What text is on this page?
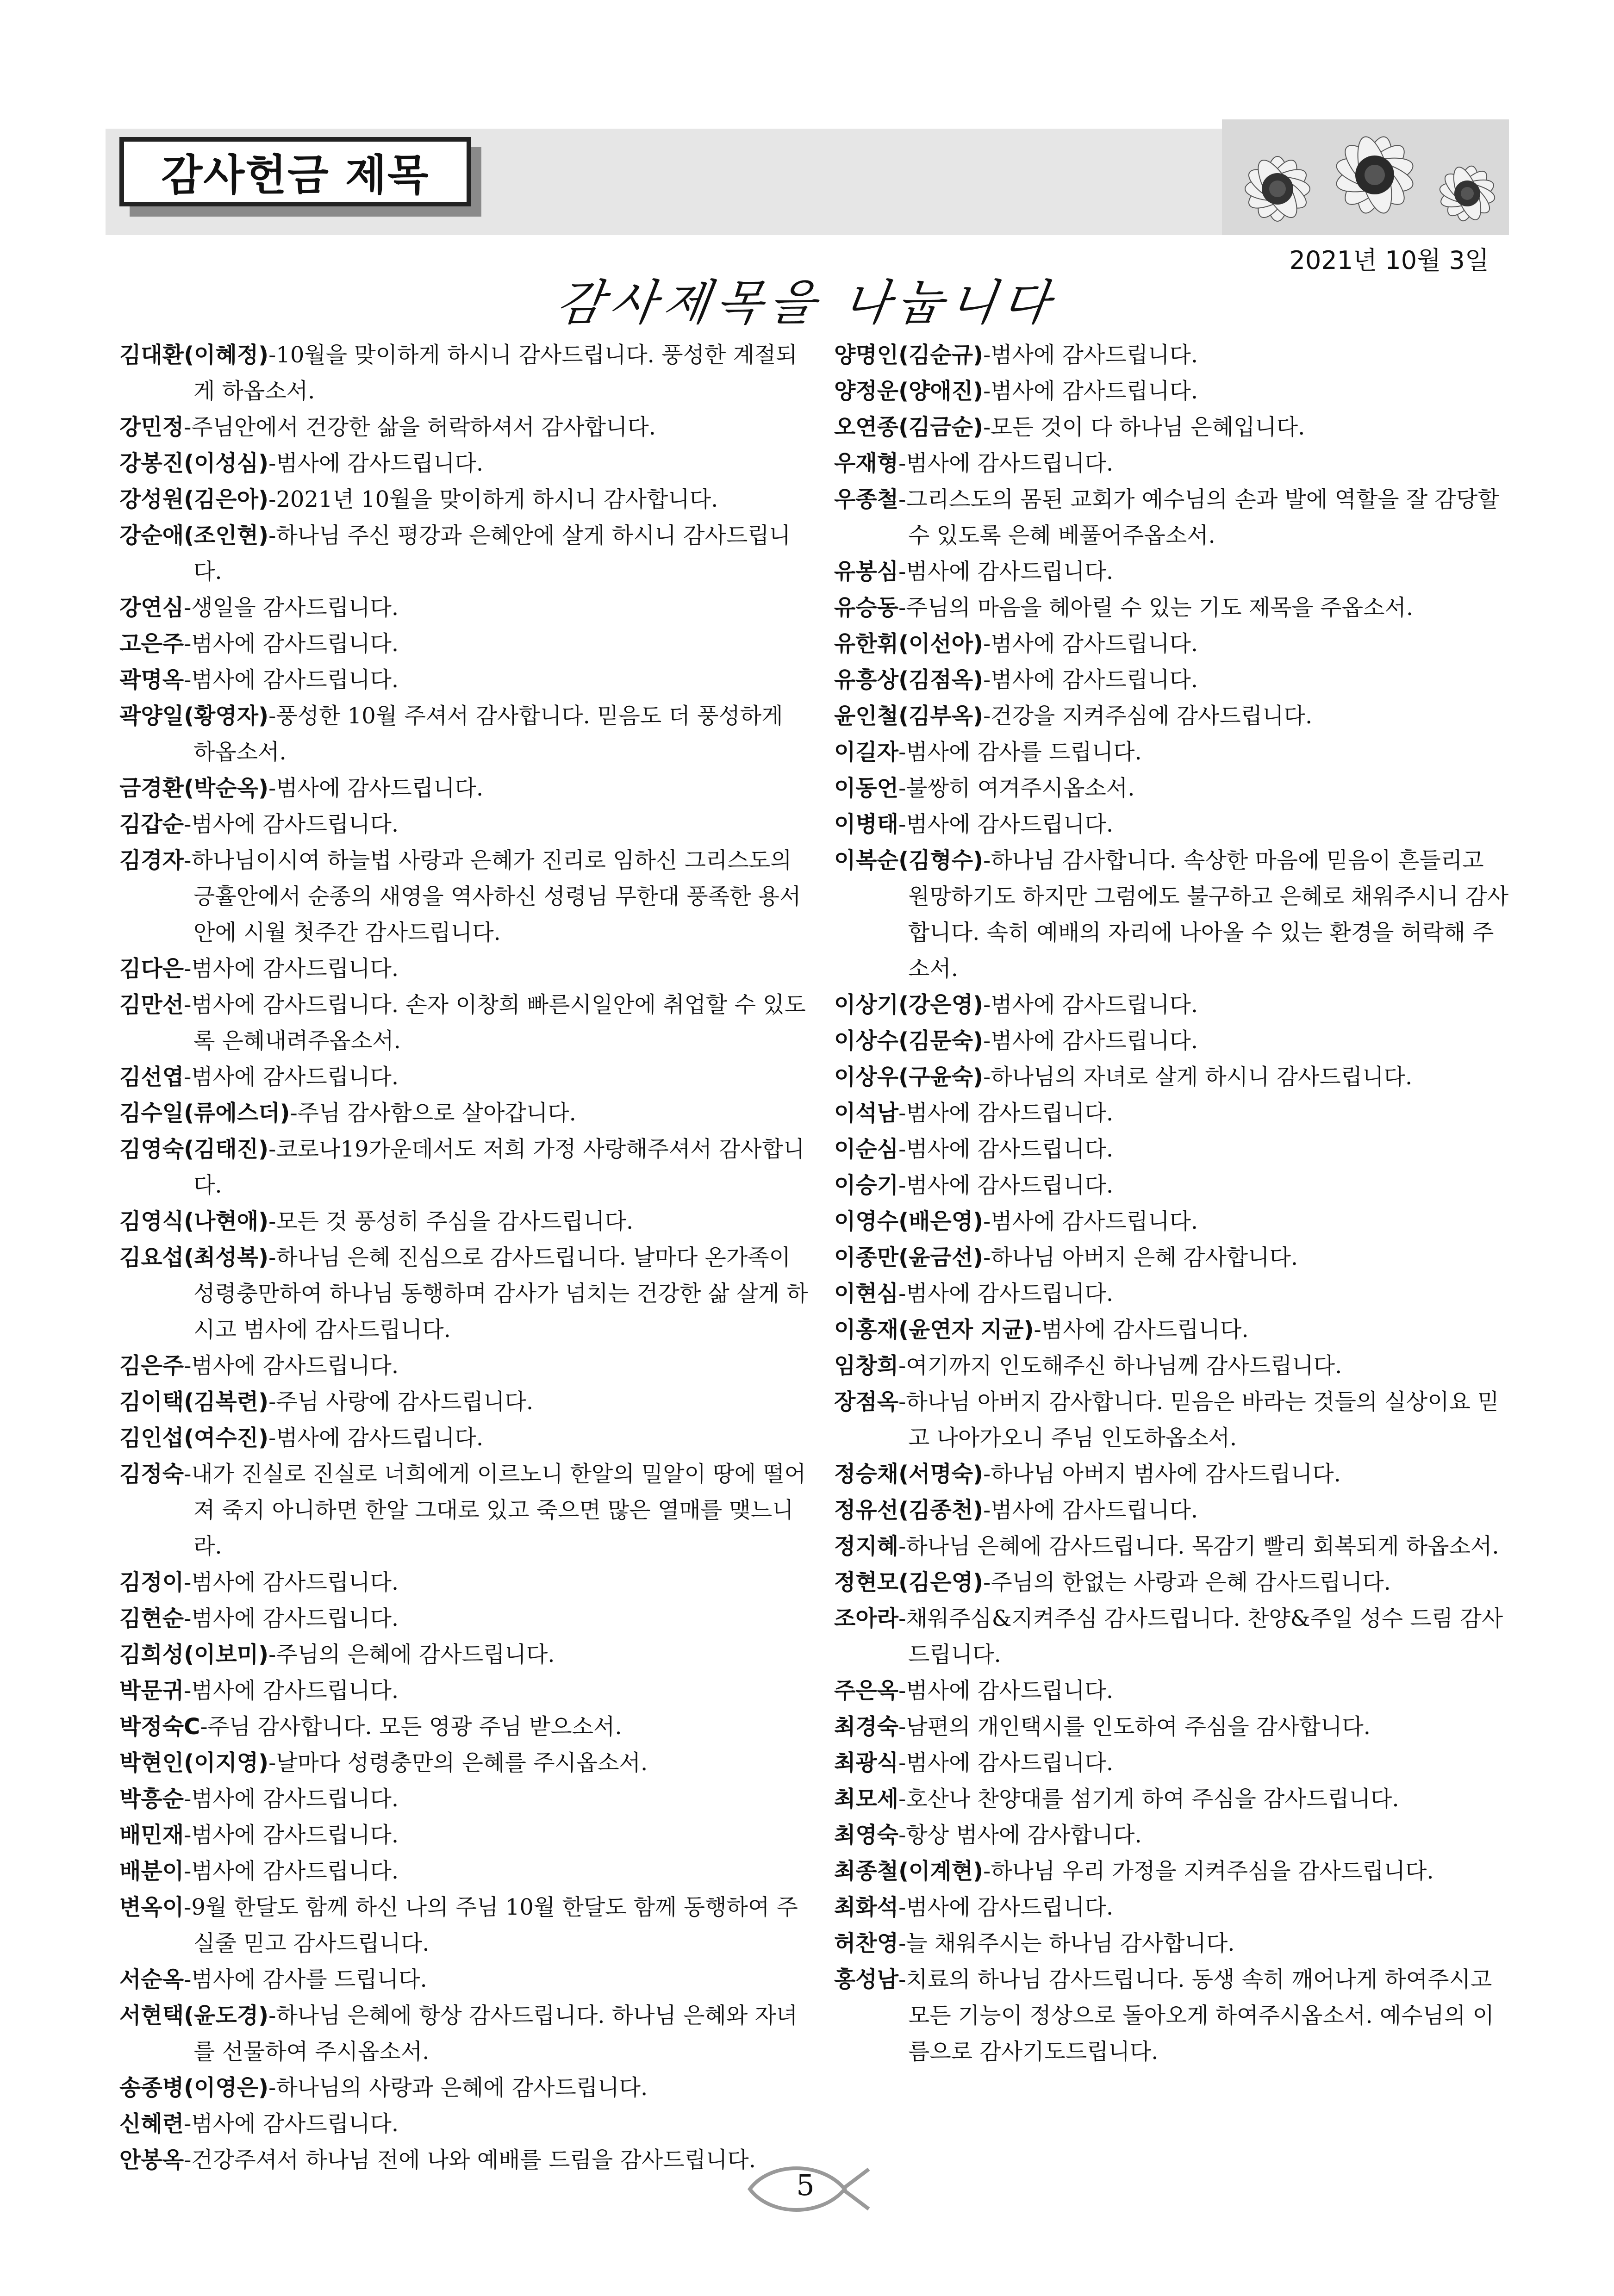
감사헌금 제목
2021년 10월 3일
감사제목을 나눕니다
김대환(이혜정)-10월을 맞이하게 하시니 감사드립니다. 풍성한 계절되게 하옵소서.
강민정-주님안에서 건강한 삶을 허락하셔서 감사합니다.
강봉진(이성심)-범사에 감사드립니다.
강성원(김은아)-2021년 10월을 맞이하게 하시니 감사합니다.
강순애(조인현)-하나님 주신 평강과 은혜안에 살게 하시니 감사드립니다.
강연심-생일을 감사드립니다.
고은주-범사에 감사드립니다.
곽명옥-범사에 감사드립니다.
곽양일(황영자)-풍성한 10월 주셔서 감사합니다. 믿음도 더 풍성하게 하옵소서.
금경환(박순옥)-범사에 감사드립니다.
김갑순-범사에 감사드립니다.
김경자-하나님이시여 하늘법 사랑과 은혜가 진리로 임하신 그리스도의 긍휼안에서 순종의 새영을 역사하신 성령님 무한대 풍족한 용서안에 시월 첫주간 감사드립니다.
김다은-범사에 감사드립니다.
김만선-범사에 감사드립니다. 손자 이창희 빠른시일안에 취업할 수 있도록 은혜내려주옵소서.
김선엽-범사에 감사드립니다.
김수일(류에스더)-주님 감사함으로 살아갑니다.
김영숙(김태진)-코로나19가운데서도 저희 가정 사랑해주셔서 감사합니다.
김영식(나현애)-모든 것 풍성히 주심을 감사드립니다.
김요섭(최성복)-하나님 은혜 진심으로 감사드립니다. 날마다 온가족이 성령충만하여 하나님 동행하며 감사가 넘치는 건강한 삶 살게 하시고 범사에 감사드립니다.
김은주-범사에 감사드립니다.
김이택(김복련)-주님 사랑에 감사드립니다.
김인섭(여수진)-범사에 감사드립니다.
김정숙-내가 진실로 진실로 너희에게 이르노니 한알의 밀알이 땅에 떨어져 죽지 아니하면 한알 그대로 있고 죽으면 많은 열매를 맺느니라.
김정이-범사에 감사드립니다.
김현순-범사에 감사드립니다.
김희성(이보미)-주님의 은혜에 감사드립니다.
박문귀-범사에 감사드립니다.
박정숙C-주님 감사합니다. 모든 영광 주님 받으소서.
박현인(이지영)-날마다 성령충만의 은혜를 주시옵소서.
박흥순-범사에 감사드립니다.
배민재-범사에 감사드립니다.
배분이-범사에 감사드립니다.
변옥이-9월 한달도 함께 하신 나의 주님 10월 한달도 함께 동행하여 주실줄 믿고 감사드립니다.
서순옥-범사에 감사를 드립니다.
서현택(윤도경)-하나님 은혜에 항상 감사드립니다. 하나님 은혜와 자녀를 선물하여 주시옵소서.
송종병(이영은)-하나님의 사랑과 은혜에 감사드립니다.
신혜련-범사에 감사드립니다.
안봉옥-건강주셔서 하나님 전에 나와 예배를 드림을 감사드립니다.
양명인(김순규)-범사에 감사드립니다.
양정운(양애진)-범사에 감사드립니다.
오연종(김금순)-모든 것이 다 하나님 은혜입니다.
우재형-범사에 감사드립니다.
우종철-그리스도의 몸된 교회가 예수님의 손과 발에 역할을 잘 감당할 수 있도록 은혜 베풀어주옵소서.
유봉심-범사에 감사드립니다.
유승동-주님의 마음을 헤아릴 수 있는 기도 제목을 주옵소서.
유한휘(이선아)-범사에 감사드립니다.
유흥상(김점옥)-범사에 감사드립니다.
윤인철(김부옥)-건강을 지켜주심에 감사드립니다.
이길자-범사에 감사를 드립니다.
이동언-불쌍히 여겨주시옵소서.
이병태-범사에 감사드립니다.
이복순(김형수)-하나님 감사합니다. 속상한 마음에 믿음이 흔들리고 원망하기도 하지만 그럼에도 불구하고 은혜로 채워주시니 감사합니다. 속히 예배의 자리에 나아올 수 있는 환경을 허락해 주소서.
이상기(강은영)-범사에 감사드립니다.
이상수(김문숙)-범사에 감사드립니다.
이상우(구윤숙)-하나님의 자녀로 살게 하시니 감사드립니다.
이석남-범사에 감사드립니다.
이순심-범사에 감사드립니다.
이승기-범사에 감사드립니다.
이영수(배은영)-범사에 감사드립니다.
이종만(윤금선)-하나님 아버지 은혜 감사합니다.
이현심-범사에 감사드립니다.
이홍재(윤연자 지균)-범사에 감사드립니다.
임창희-여기까지 인도해주신 하나님께 감사드립니다.
장점옥-하나님 아버지 감사합니다. 믿음은 바라는 것들의 실상이요 믿고 나아가오니 주님 인도하옵소서.
정승채(서명숙)-하나님 아버지 범사에 감사드립니다.
정유선(김종천)-범사에 감사드립니다.
정지혜-하나님 은혜에 감사드립니다. 목감기 빨리 회복되게 하옵소서.
정현모(김은영)-주님의 한없는 사랑과 은혜 감사드립니다.
조아라-채워주심&지켜주심 감사드립니다. 찬양&주일 성수 드림 감사드립니다.
주은옥-범사에 감사드립니다.
최경숙-남편의 개인택시를 인도하여 주심을 감사합니다.
최광식-범사에 감사드립니다.
최모세-호산나 찬양대를 섬기게 하여 주심을 감사드립니다.
최영숙-항상 범사에 감사합니다.
최종철(이계현)-하나님 우리 가정을 지켜주심을 감사드립니다.
최화석-범사에 감사드립니다.
허찬영-늘 채워주시는 하나님 감사합니다.
홍성남-치료의 하나님 감사드립니다. 동생 속히 깨어나게 하여주시고 모든 기능이 정상으로 돌아오게 하여주시옵소서. 예수님의 이름으로 감사기도드립니다.
5
